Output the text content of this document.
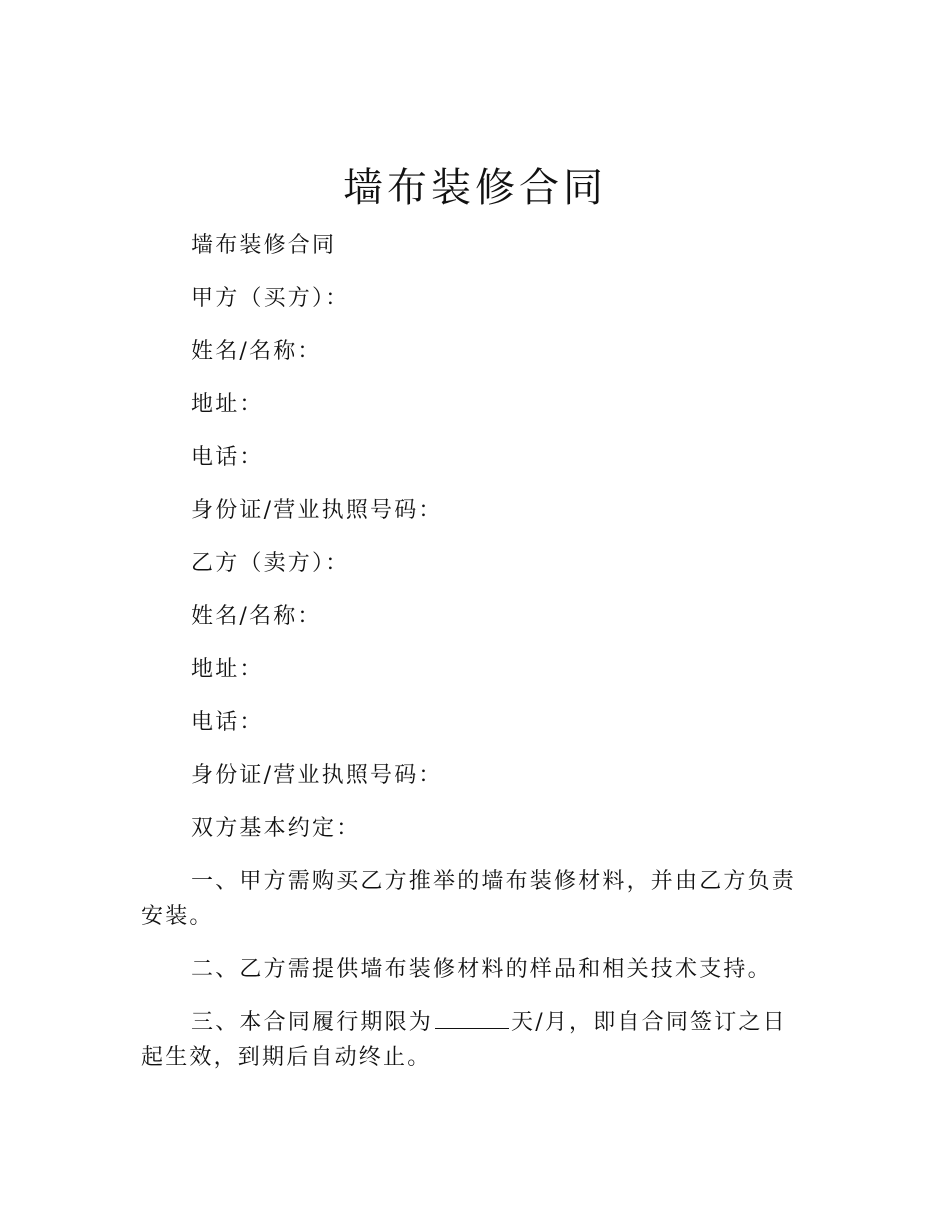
墙布装修合同

墙布装修合同

甲方（买方）：

姓名/名称：

地址：

电话：

身份证/营业执照号码：

乙方（卖方）：

姓名/名称：

地址：

电话：

身份证/营业执照号码：

双方基本约定：

一、甲方需购买乙方推举的墙布装修材料，并由乙方负责安装。

二、乙方需提供墙布装修材料的样品和相关技术支持。

三、本合同履行期限为	天/月，即自合同签订之日起生效，到期后自动终止。
